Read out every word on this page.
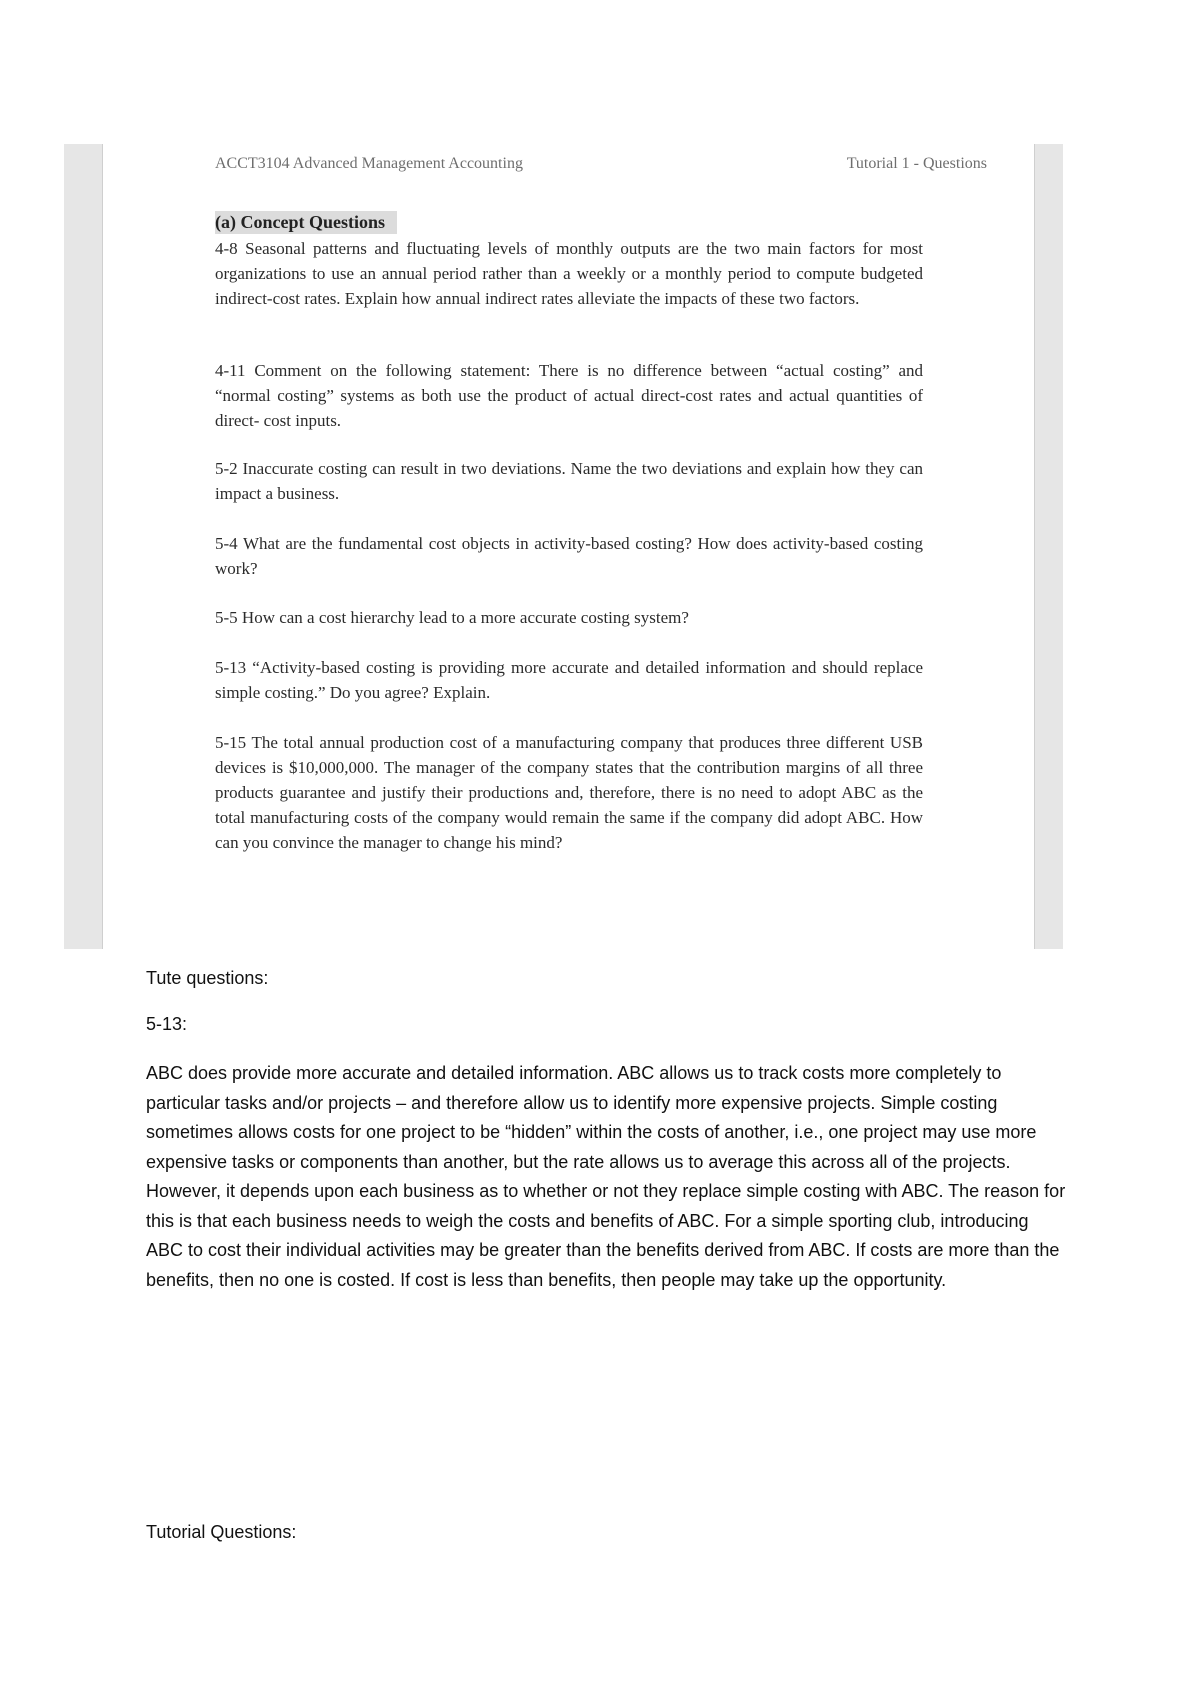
ACCT3104 Advanced Management Accounting	Tutorial 1 - Questions
(a) Concept Questions
4-8 Seasonal patterns and fluctuating levels of monthly outputs are the two main factors for most organizations to use an annual period rather than a weekly or a monthly period to compute budgeted indirect-cost rates. Explain how annual indirect rates alleviate the impacts of these two factors.
4-11 Comment on the following statement: There is no difference between “actual costing” and “normal costing” systems as both use the product of actual direct-cost rates and actual quantities of direct- cost inputs.
5-2 Inaccurate costing can result in two deviations. Name the two deviations and explain how they can impact a business.
5-4 What are the fundamental cost objects in activity-based costing? How does activity-based costing work?
5-5 How can a cost hierarchy lead to a more accurate costing system?
5-13 “Activity-based costing is providing more accurate and detailed information and should replace simple costing.” Do you agree? Explain.
5-15 The total annual production cost of a manufacturing company that produces three different USB devices is $10,000,000. The manager of the company states that the contribution margins of all three products guarantee and justify their productions and, therefore, there is no need to adopt ABC as the total manufacturing costs of the company would remain the same if the company did adopt ABC. How can you convince the manager to change his mind?
Tute questions:
5-13:
ABC does provide more accurate and detailed information. ABC allows us to track costs more completely to particular tasks and/or projects – and therefore allow us to identify more expensive projects. Simple costing sometimes allows costs for one project to be “hidden” within the costs of another, i.e., one project may use more expensive tasks or components than another, but the rate allows us to average this across all of the projects. However, it depends upon each business as to whether or not they replace simple costing with ABC. The reason for this is that each business needs to weigh the costs and benefits of ABC. For a simple sporting club, introducing ABC to cost their individual activities may be greater than the benefits derived from ABC. If costs are more than the benefits, then no one is costed. If cost is less than benefits, then people may take up the opportunity.
Tutorial Questions:
